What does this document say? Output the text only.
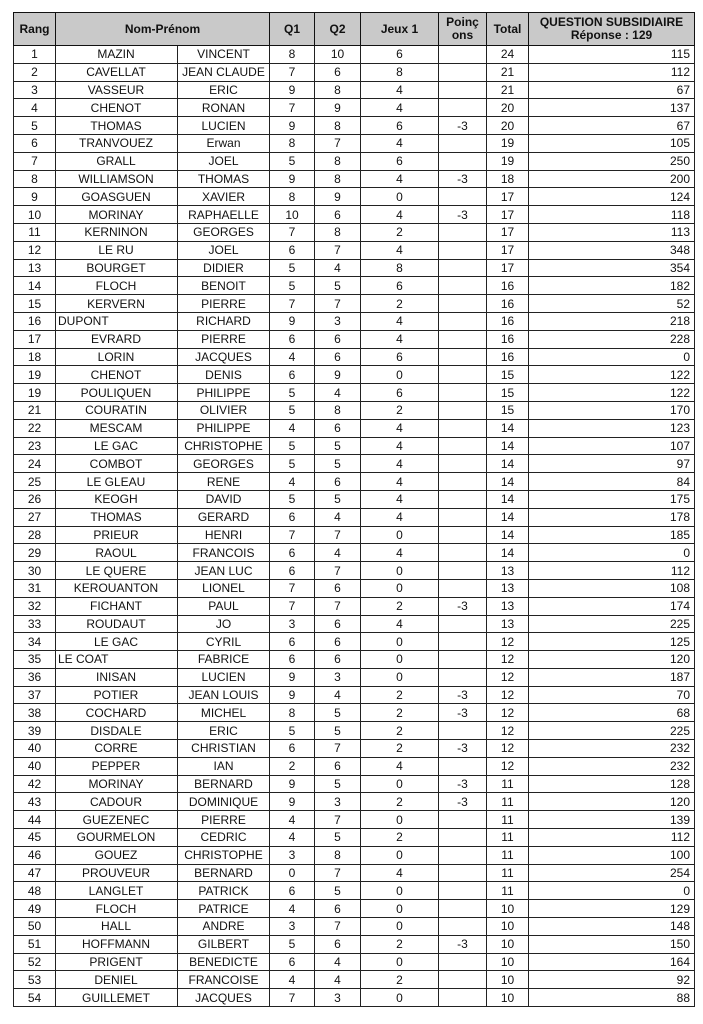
Rang	Nom-Prénom		Q1	Q2	Jeux 1	Poinç
ons	Total	QUESTION SUBSIDIAIRE
Réponse : 129

1	MAZIN	VINCENT	8	10	6		24	115
2	CAVELLAT	JEAN CLAUDE	7	6	8		21	112
3	VASSEUR	ERIC	9	8	4		21	67
4	CHENOT	RONAN	7	9	4		20	137
5	THOMAS	LUCIEN	9	8	6	-3	20	67
6	TRANVOUEZ	Erwan	8	7	4		19	105
7	GRALL	JOEL	5	8	6		19	250
8	WILLIAMSON	THOMAS	9	8	4	-3	18	200
9	GOASGUEN	XAVIER	8	9	0		17	124
10	MORINAY	RAPHAELLE	10	6	4	-3	17	118
11	KERNINON	GEORGES	7	8	2		17	113
12	LE RU	JOEL	6	7	4		17	348
13	BOURGET	DIDIER	5	4	8		17	354
14	FLOCH	BENOIT	5	5	6		16	182
15	KERVERN	PIERRE	7	7	2		16	52
16	DUPONT	RICHARD	9	3	4		16	218
17	EVRARD	PIERRE	6	6	4		16	228
18	LORIN	JACQUES	4	6	6		16	0
19	CHENOT	DENIS	6	9	0		15	122
19	POULIQUEN	PHILIPPE	5	4	6		15	122
21	COURATIN	OLIVIER	5	8	2		15	170
22	MESCAM	PHILIPPE	4	6	4		14	123
23	LE GAC	CHRISTOPHE	5	5	4		14	107
24	COMBOT	GEORGES	5	5	4		14	97
25	LE GLEAU	RENE	4	6	4		14	84
26	KEOGH	DAVID	5	5	4		14	175
27	THOMAS	GERARD	6	4	4		14	178
28	PRIEUR	HENRI	7	7	0		14	185
29	RAOUL	FRANCOIS	6	4	4		14	0
30	LE QUERE	JEAN LUC	6	7	0		13	112
31	KEROUANTON	LIONEL	7	6	0		13	108
32	FICHANT	PAUL	7	7	2	-3	13	174
33	ROUDAUT	JO	3	6	4		13	225
34	LE GAC	CYRIL	6	6	0		12	125
35	LE COAT	FABRICE	6	6	0		12	120
36	INISAN	LUCIEN	9	3	0		12	187
37	POTIER	JEAN LOUIS	9	4	2	-3	12	70
38	COCHARD	MICHEL	8	5	2	-3	12	68
39	DISDALE	ERIC	5	5	2		12	225
40	CORRE	CHRISTIAN	6	7	2	-3	12	232
40	PEPPER	IAN	2	6	4		12	232
42	MORINAY	BERNARD	9	5	0	-3	11	128
43	CADOUR	DOMINIQUE	9	3	2	-3	11	120
44	GUEZENEC	PIERRE	4	7	0		11	139
45	GOURMELON	CEDRIC	4	5	2		11	112
46	GOUEZ	CHRISTOPHE	3	8	0		11	100
47	PROUVEUR	BERNARD	0	7	4		11	254
48	LANGLET	PATRICK	6	5	0		11	0
49	FLOCH	PATRICE	4	6	0		10	129
50	HALL	ANDRE	3	7	0		10	148
51	HOFFMANN	GILBERT	5	6	2	-3	10	150
52	PRIGENT	BENEDICTE	6	4	0		10	164
53	DENIEL	FRANCOISE	4	4	2		10	92
54	GUILLEMET	JACQUES	7	3	0		10	88
